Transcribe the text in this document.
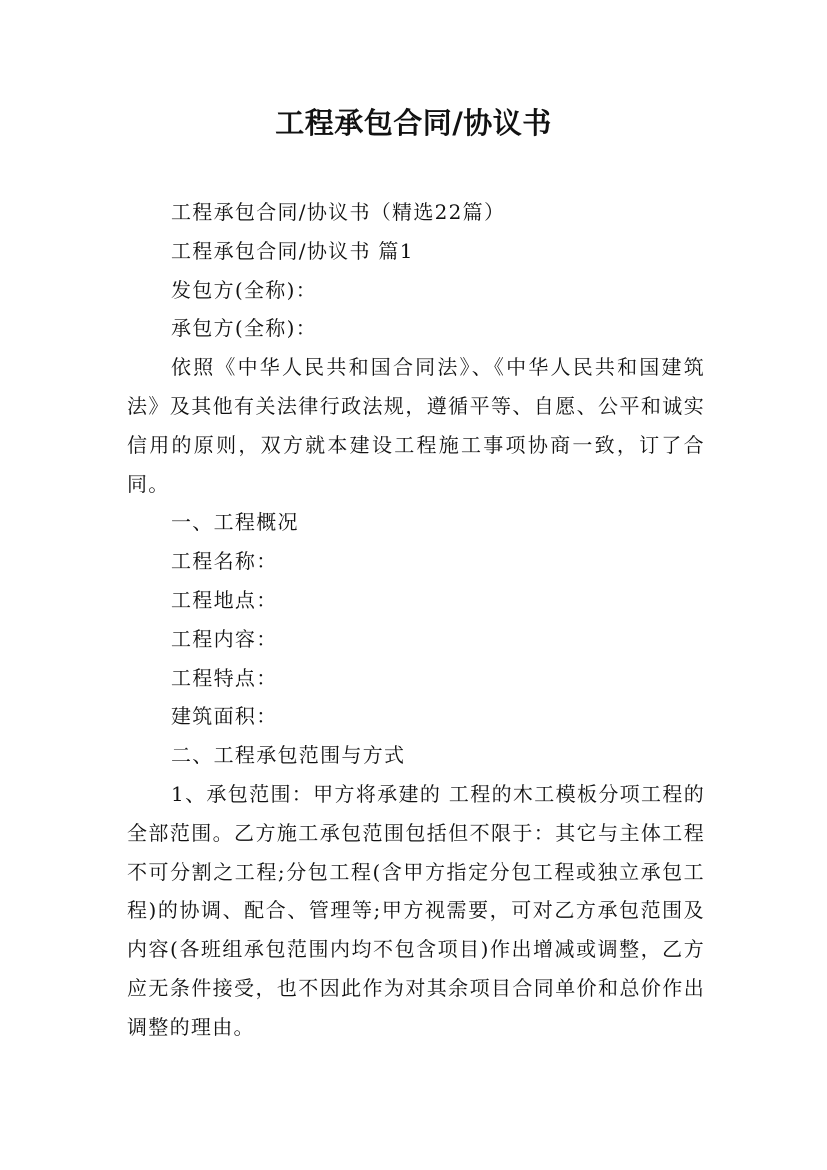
工程承包合同/协议书

工程承包合同/协议书（精选22篇）

工程承包合同/协议书 篇1

发包方(全称)：

承包方(全称)：

依照《中华人民共和国合同法》、《中华人民共和国建筑法》及其他有关法律行政法规，遵循平等、自愿、公平和诚实信用的原则，双方就本建设工程施工事项协商一致，订了合同。

一、工程概况

工程名称：

工程地点：

工程内容：

工程特点：

建筑面积：

二、工程承包范围与方式

1、承包范围：甲方将承建的 工程的木工模板分项工程的全部范围。乙方施工承包范围包括但不限于：其它与主体工程不可分割之工程;分包工程(含甲方指定分包工程或独立承包工程)的协调、配合、管理等;甲方视需要，可对乙方承包范围及内容(各班组承包范围内均不包含项目)作出增减或调整，乙方应无条件接受，也不因此作为对其余项目合同单价和总价作出调整的理由。
